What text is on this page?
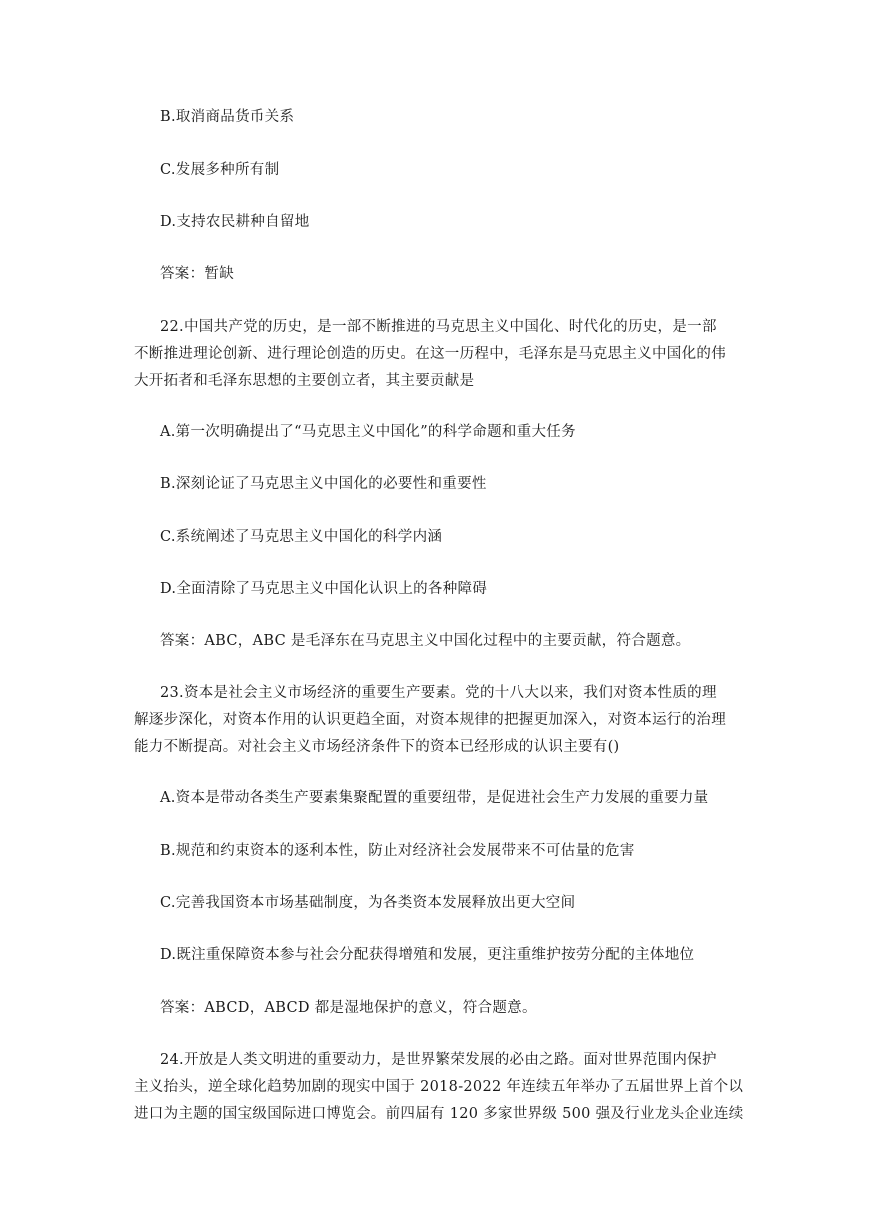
B.取消商品货币关系
C.发展多种所有制
D.支持农民耕种自留地
答案：暂缺
22.中国共产党的历史，是一部不断推进的马克思主义中国化、时代化的历史，是一部
不断推进理论创新、进行理论创造的历史。在这一历程中，毛泽东是马克思主义中国化的伟
大开拓者和毛泽东思想的主要创立者，其主要贡献是
A.第一次明确提出了“马克思主义中国化”的科学命题和重大任务
B.深刻论证了马克思主义中国化的必要性和重要性
C.系统阐述了马克思主义中国化的科学内涵
D.全面清除了马克思主义中国化认识上的各种障碍
答案：ABC，ABC 是毛泽东在马克思主义中国化过程中的主要贡献，符合题意。
23.资本是社会主义市场经济的重要生产要素。党的十八大以来，我们对资本性质的理
解逐步深化，对资本作用的认识更趋全面，对资本规律的把握更加深入，对资本运行的治理
能力不断提高。对社会主义市场经济条件下的资本已经形成的认识主要有()
A.资本是带动各类生产要素集聚配置的重要纽带，是促进社会生产力发展的重要力量
B.规范和约束资本的逐利本性，防止对经济社会发展带来不可估量的危害
C.完善我国资本市场基础制度，为各类资本发展释放出更大空间
D.既注重保障资本参与社会分配获得增殖和发展，更注重维护按劳分配的主体地位
答案：ABCD，ABCD 都是湿地保护的意义，符合题意。
24.开放是人类文明进的重要动力，是世界繁荣发展的必由之路。面对世界范围内保护
主义抬头，逆全球化趋势加剧的现实中国于 2018-2022 年连续五年举办了五届世界上首个以
进口为主题的国宝级国际进口博览会。前四届有 120 多家世界级 500 强及行业龙头企业连续
